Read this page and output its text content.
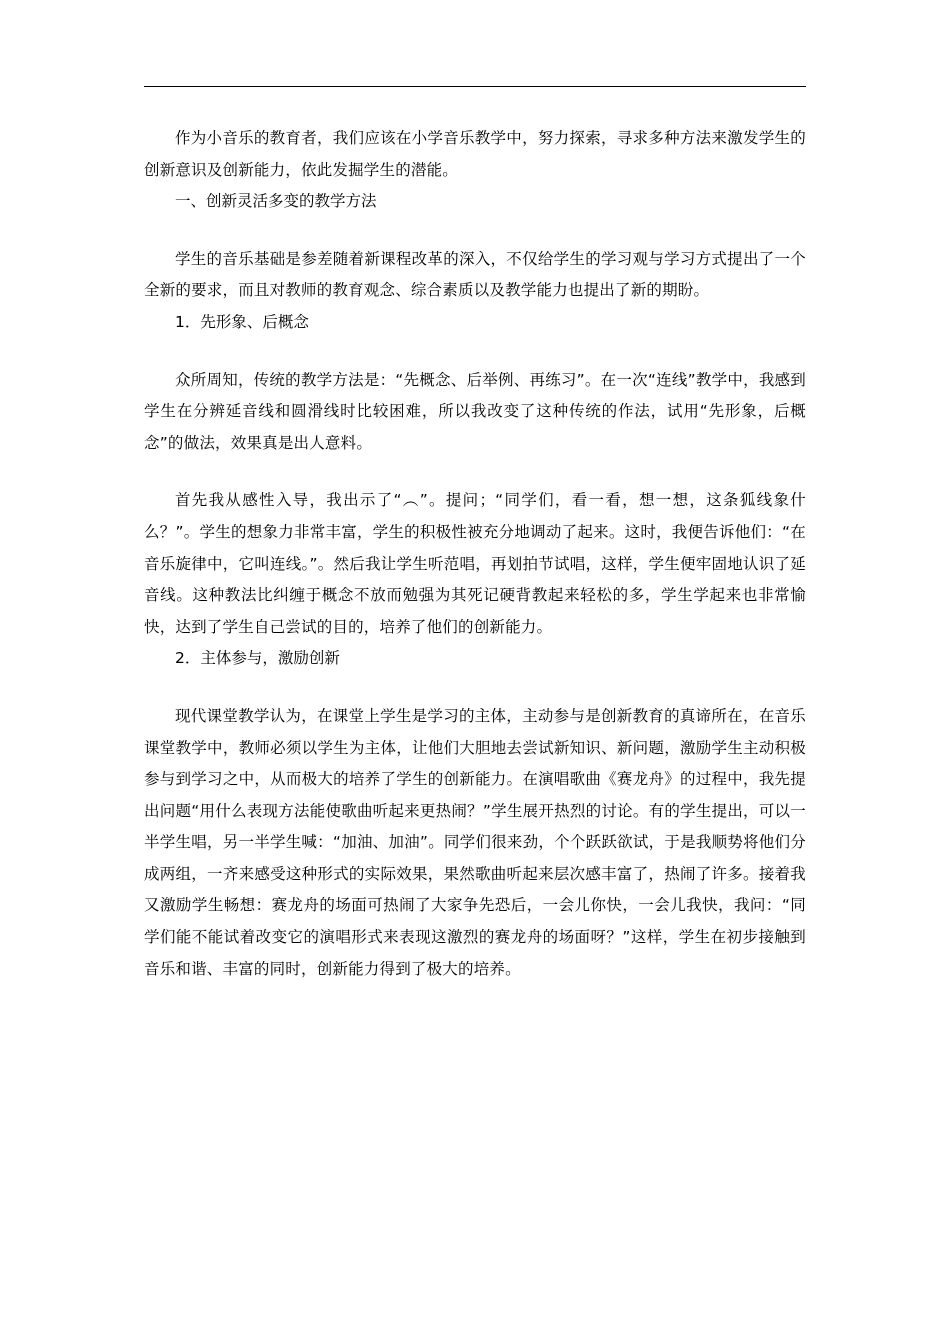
作为小音乐的教育者，我们应该在小学音乐教学中，努力探索，寻求多种方法来激发学生的创新意识及创新能力，依此发掘学生的潜能。

一、创新灵活多变的教学方法

学生的音乐基础是参差随着新课程改革的深入，不仅给学生的学习观与学习方式提出了一个全新的要求，而且对教师的教育观念、综合素质以及教学能力也提出了新的期盼。

1．先形象、后概念

众所周知，传统的教学方法是：“先概念、后举例、再练习”。在一次“连线”教学中，我感到学生在分辨延音线和圆滑线时比较困难，所以我改变了这种传统的作法，试用“先形象，后概念”的做法，效果真是出人意料。

首先我从感性入导，我出示了“︵”。提问；“同学们，看一看，想一想，这条狐线象什么？”。学生的想象力非常丰富，学生的积极性被充分地调动了起来。这时，我便告诉他们：“在音乐旋律中，它叫连线。”。然后我让学生听范唱，再划拍节试唱，这样，学生便牢固地认识了延音线。这种教法比纠缠于概念不放而勉强为其死记硬背教起来轻松的多，学生学起来也非常愉快，达到了学生自己尝试的目的，培养了他们的创新能力。

2．主体参与，激励创新

现代课堂教学认为，在课堂上学生是学习的主体，主动参与是创新教育的真谛所在，在音乐课堂教学中，教师必须以学生为主体，让他们大胆地去尝试新知识、新问题，激励学生主动积极参与到学习之中，从而极大的培养了学生的创新能力。在演唱歌曲《赛龙舟》的过程中，我先提出问题“用什么表现方法能使歌曲听起来更热闹？”学生展开热烈的讨论。有的学生提出，可以一半学生唱，另一半学生喊：“加油、加油”。同学们很来劲，个个跃跃欲试，于是我顺势将他们分成两组，一齐来感受这种形式的实际效果，果然歌曲听起来层次感丰富了，热闹了许多。接着我又激励学生畅想：赛龙舟的场面可热闹了大家争先恐后，一会儿你快，一会儿我快，我问：“同学们能不能试着改变它的演唱形式来表现这激烈的赛龙舟的场面呀？”这样，学生在初步接触到音乐和谐、丰富的同时，创新能力得到了极大的培养。
